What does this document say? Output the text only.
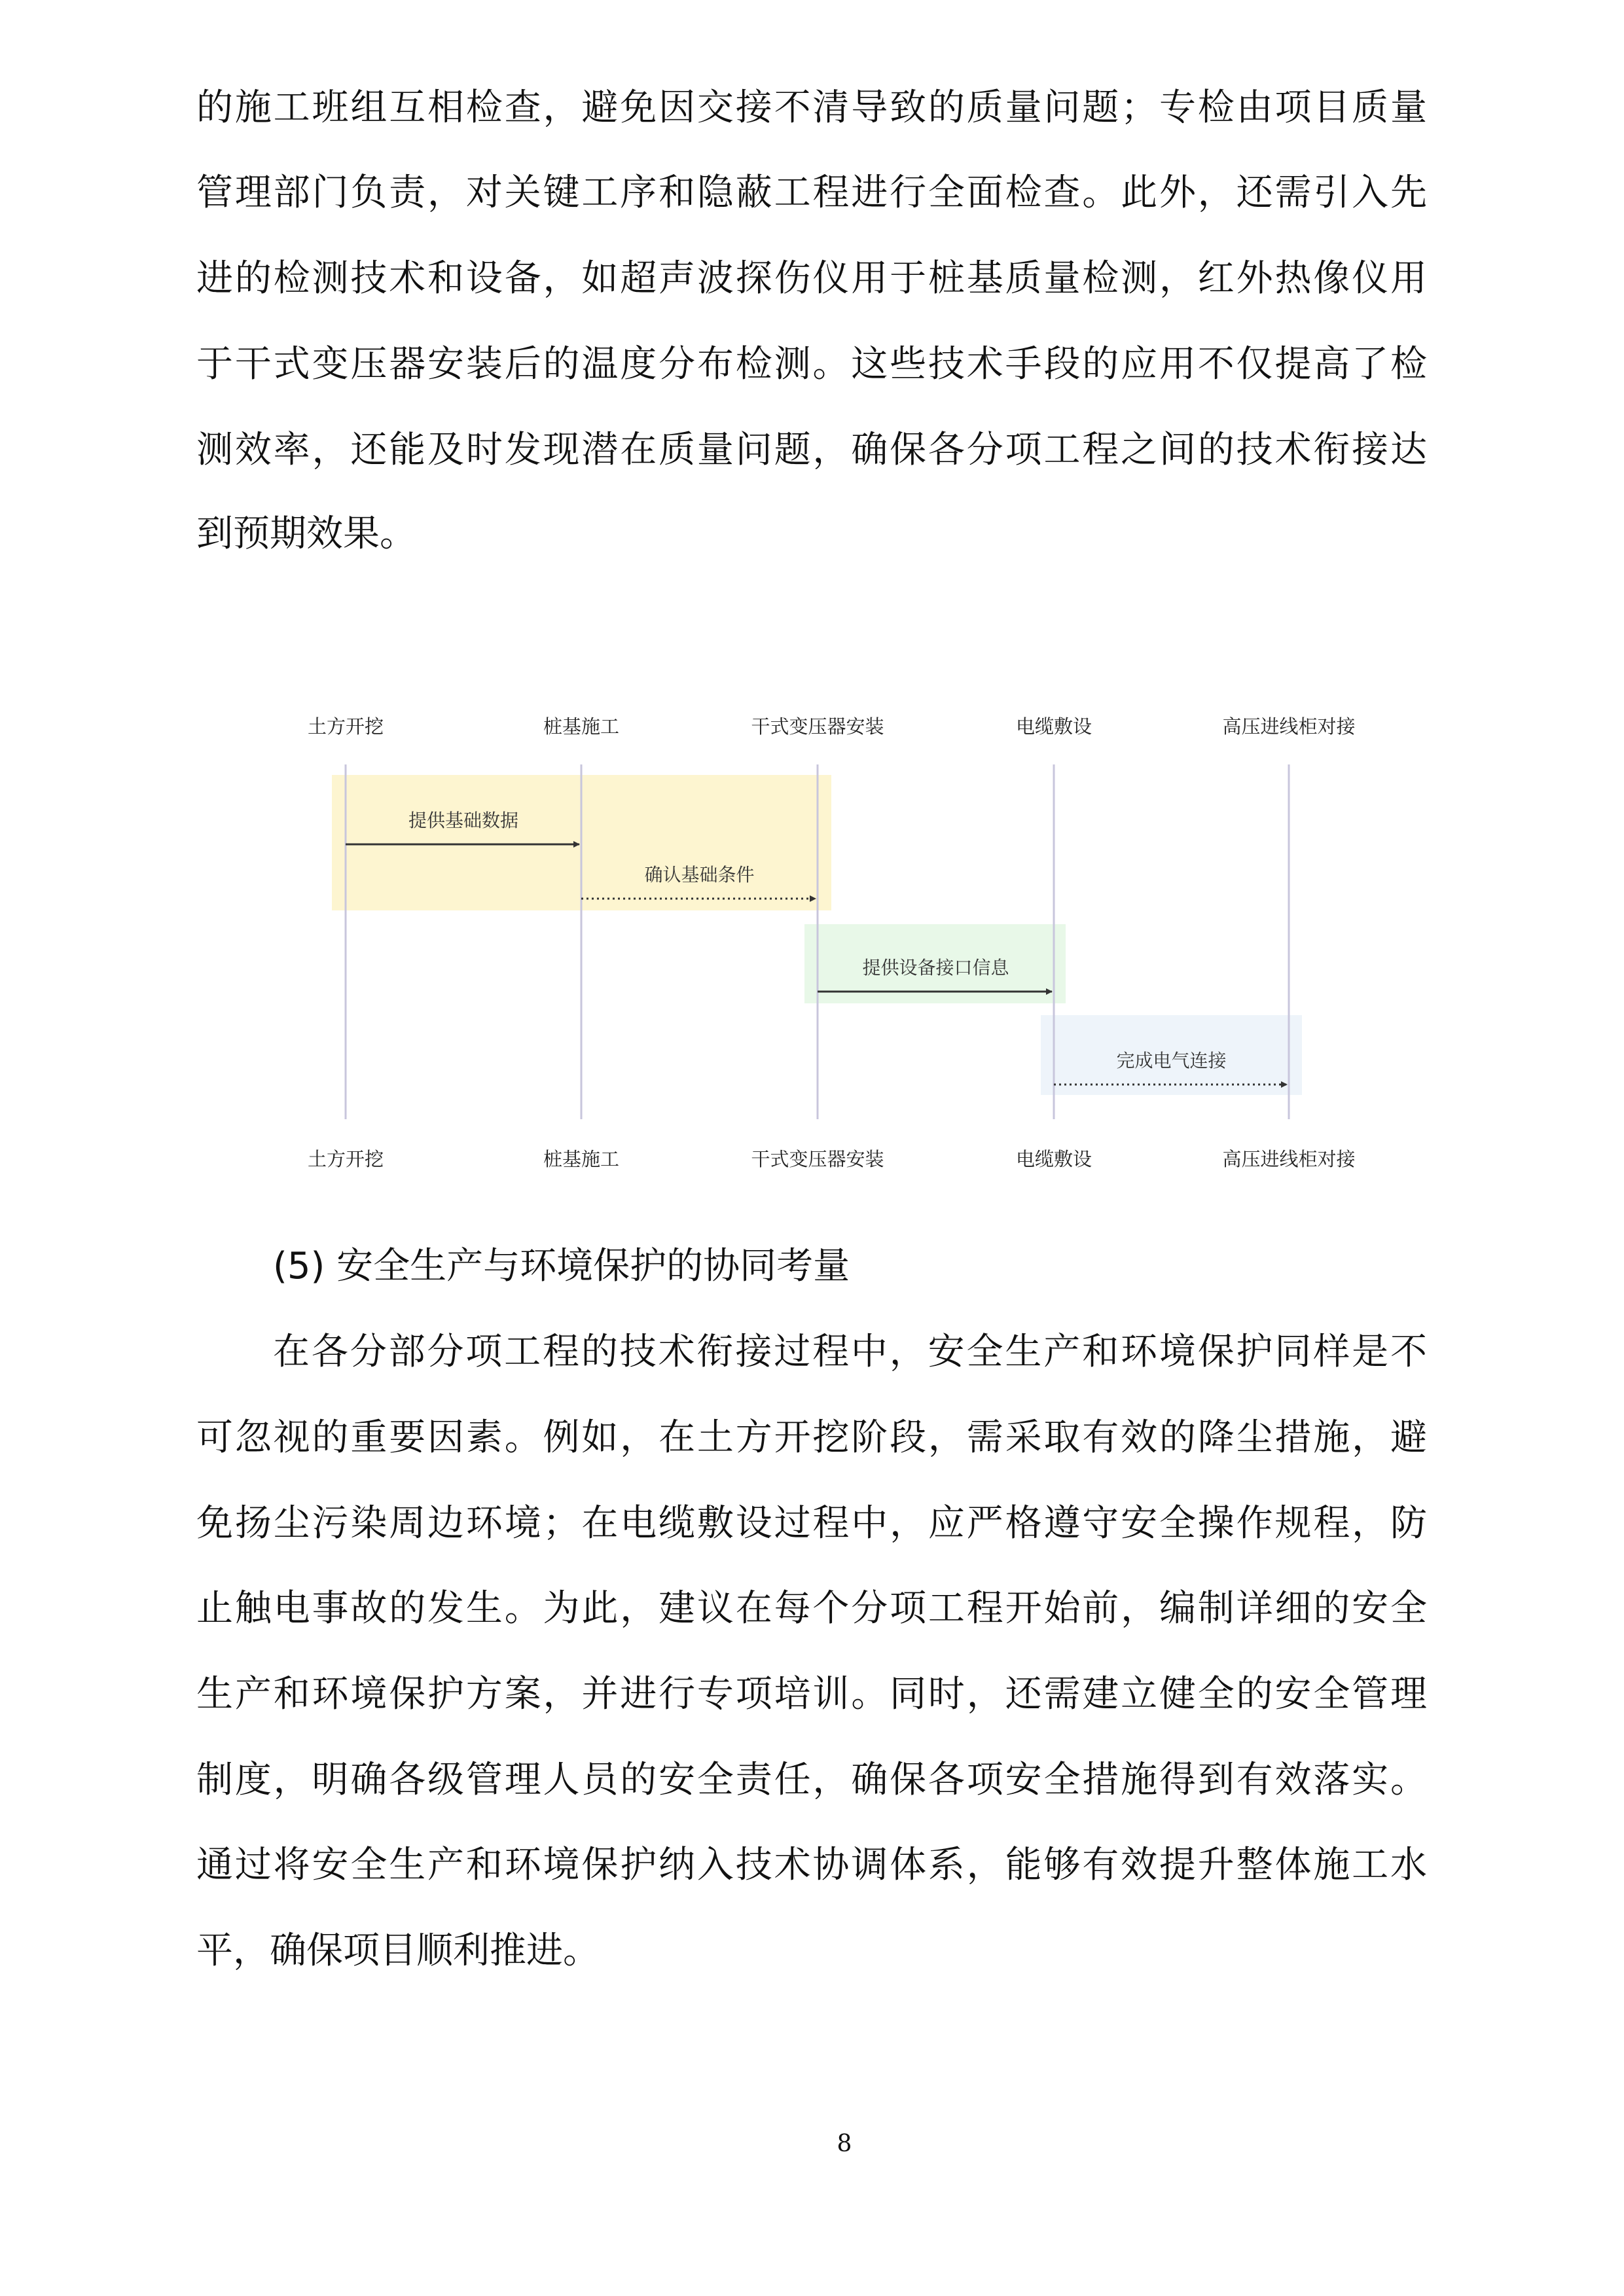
的施工班组互相检查，避免因交接不清导致的质量问题；专检由项目质量
管理部门负责，对关键工序和隐蔽工程进行全面检查。此外，还需引入先
进的检测技术和设备，如超声波探伤仪用于桩基质量检测，红外热像仪用
于干式变压器安装后的温度分布检测。这些技术手段的应用不仅提高了检
测效率，还能及时发现潜在质量问题，确保各分项工程之间的技术衔接达
到预期效果。
土方开挖	桩基施工	干式变压器安装	电缆敷设	高压进线柜对接
土方开挖	桩基施工	干式变压器安装	电缆敷设	高压进线柜对接
提供基础数据
确认基础条件
提供设备接口信息
完成电气连接
(5) 安全生产与环境保护的协同考量
在各分部分项工程的技术衔接过程中，安全生产和环境保护同样是不
可忽视的重要因素。例如，在土方开挖阶段，需采取有效的降尘措施，避
免扬尘污染周边环境；在电缆敷设过程中，应严格遵守安全操作规程，防
止触电事故的发生。为此，建议在每个分项工程开始前，编制详细的安全
生产和环境保护方案，并进行专项培训。同时，还需建立健全的安全管理
制度，明确各级管理人员的安全责任，确保各项安全措施得到有效落实。
通过将安全生产和环境保护纳入技术协调体系，能够有效提升整体施工水
平，确保项目顺利推进。
8
